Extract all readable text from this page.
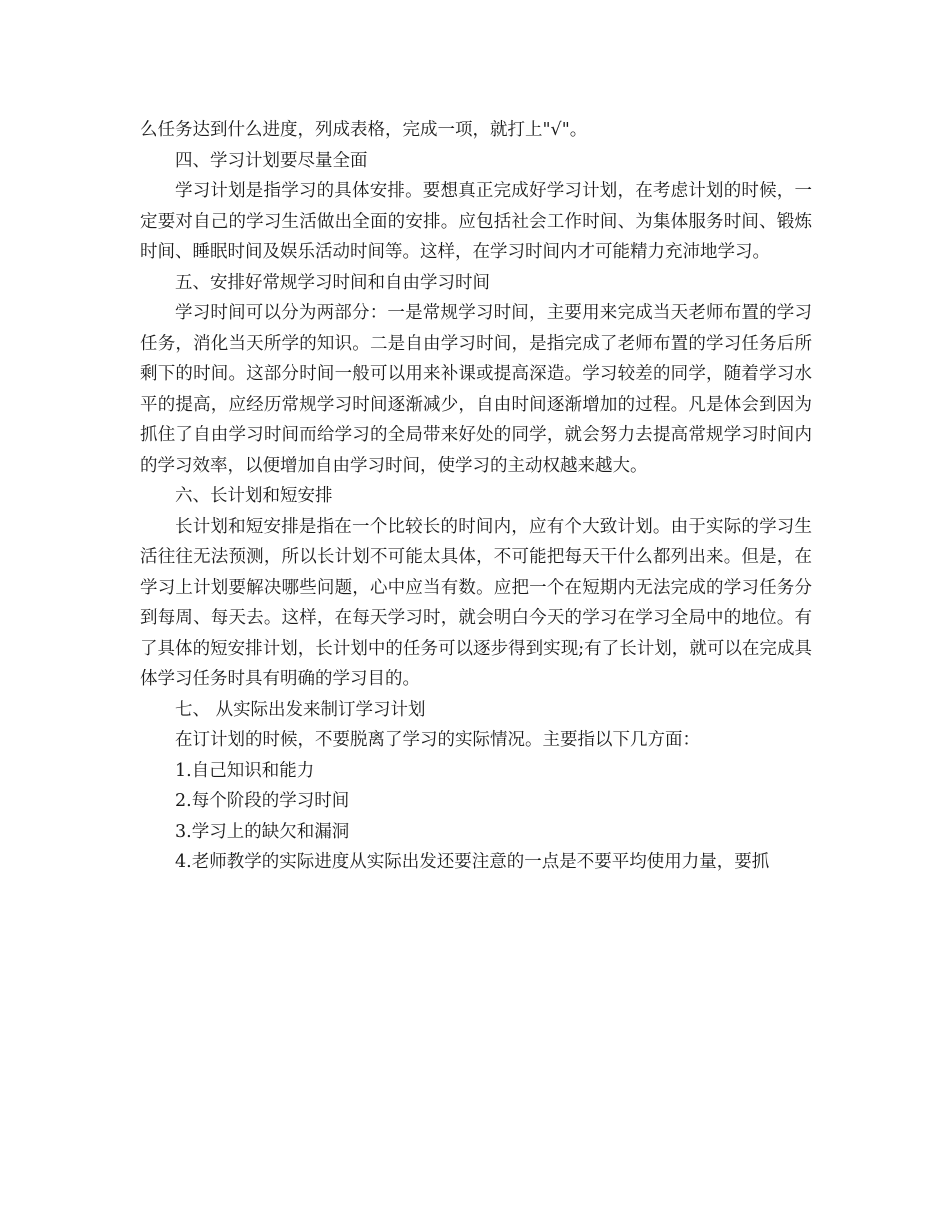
么任务达到什么进度，列成表格，完成一项，就打上"√"。

四、学习计划要尽量全面

学习计划是指学习的具体安排。要想真正完成好学习计划，在考虑计划的时候，一定要对自己的学习生活做出全面的安排。应包括社会工作时间、为集体服务时间、锻炼时间、睡眠时间及娱乐活动时间等。这样，在学习时间内才可能精力充沛地学习。

五、安排好常规学习时间和自由学习时间

学习时间可以分为两部分：一是常规学习时间，主要用来完成当天老师布置的学习任务，消化当天所学的知识。二是自由学习时间，是指完成了老师布置的学习任务后所剩下的时间。这部分时间一般可以用来补课或提高深造。学习较差的同学，随着学习水平的提高，应经历常规学习时间逐渐减少，自由时间逐渐增加的过程。凡是体会到因为抓住了自由学习时间而给学习的全局带来好处的同学，就会努力去提高常规学习时间内的学习效率，以便增加自由学习时间，使学习的主动权越来越大。

六、长计划和短安排

长计划和短安排是指在一个比较长的时间内，应有个大致计划。由于实际的学习生活往往无法预测，所以长计划不可能太具体，不可能把每天干什么都列出来。但是，在学习上计划要解决哪些问题，心中应当有数。应把一个在短期内无法完成的学习任务分到每周、每天去。这样，在每天学习时，就会明白今天的学习在学习全局中的地位。有了具体的短安排计划，长计划中的任务可以逐步得到实现;有了长计划，就可以在完成具体学习任务时具有明确的学习目的。

七、 从实际出发来制订学习计划

在订计划的时候，不要脱离了学习的实际情况。主要指以下几方面：

1.自己知识和能力

2.每个阶段的学习时间

3.学习上的缺欠和漏洞

4.老师教学的实际进度从实际出发还要注意的一点是不要平均使用力量，要抓
